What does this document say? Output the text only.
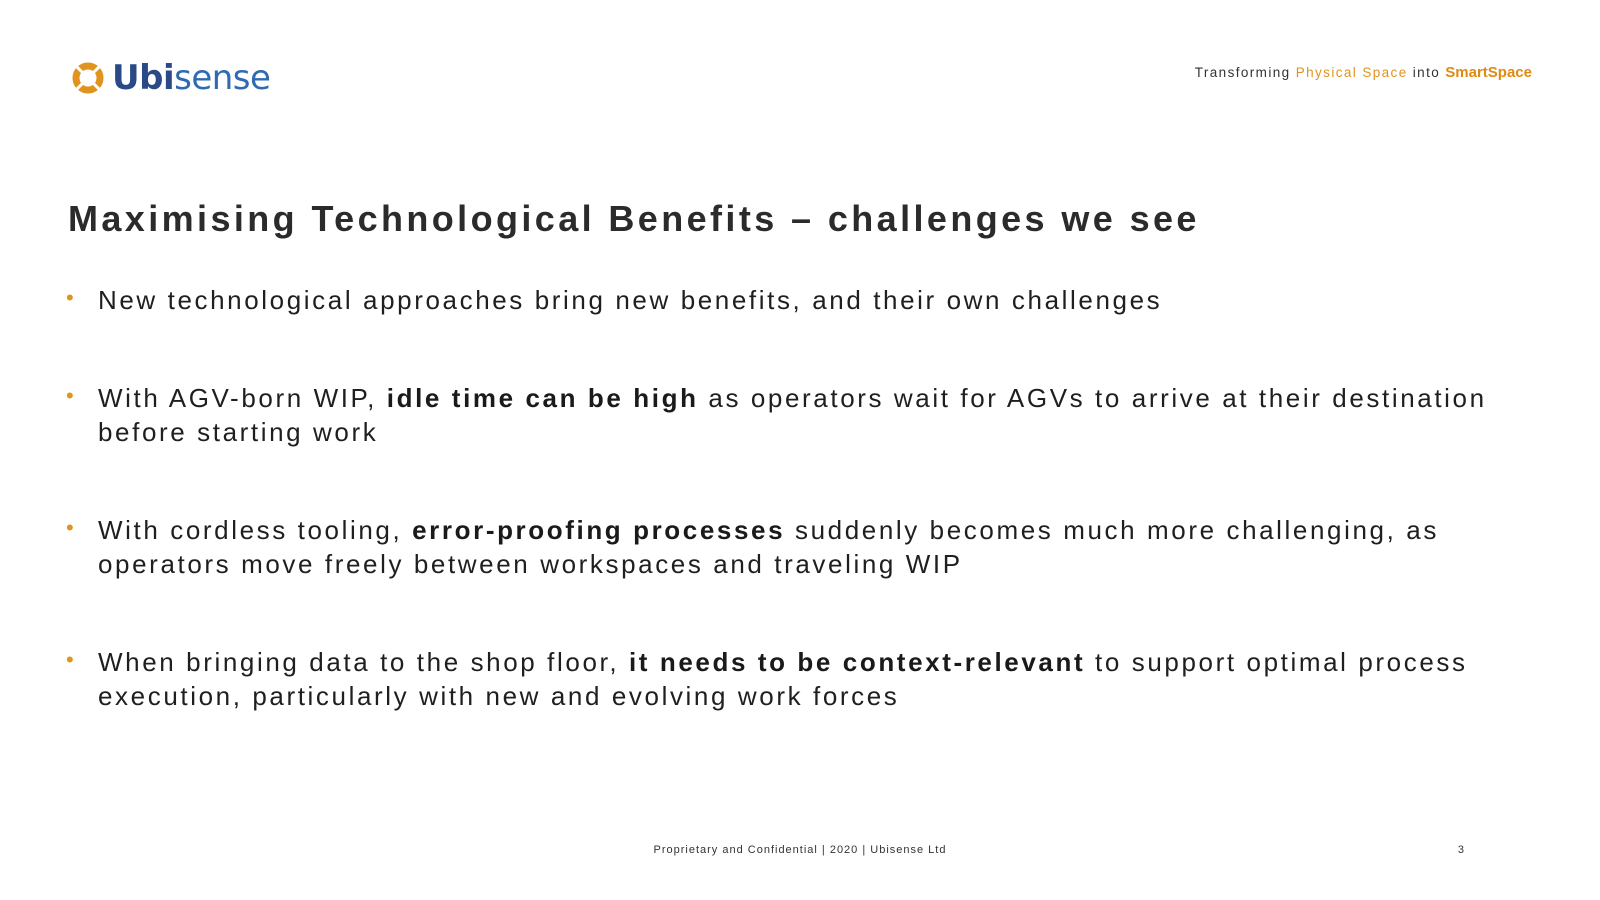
Ubisense	Transforming Physical Space into SmartSpace
Maximising Technological Benefits – challenges we see
• New technological approaches bring new benefits, and their own challenges
• With AGV-born WIP, idle time can be high as operators wait for AGVs to arrive at their destination before starting work
• With cordless tooling, error-proofing processes suddenly becomes much more challenging, as operators move freely between workspaces and traveling WIP
• When bringing data to the shop floor, it needs to be context-relevant to support optimal process execution, particularly with new and evolving work forces
Proprietary and Confidential | 2020 | Ubisense Ltd	3
